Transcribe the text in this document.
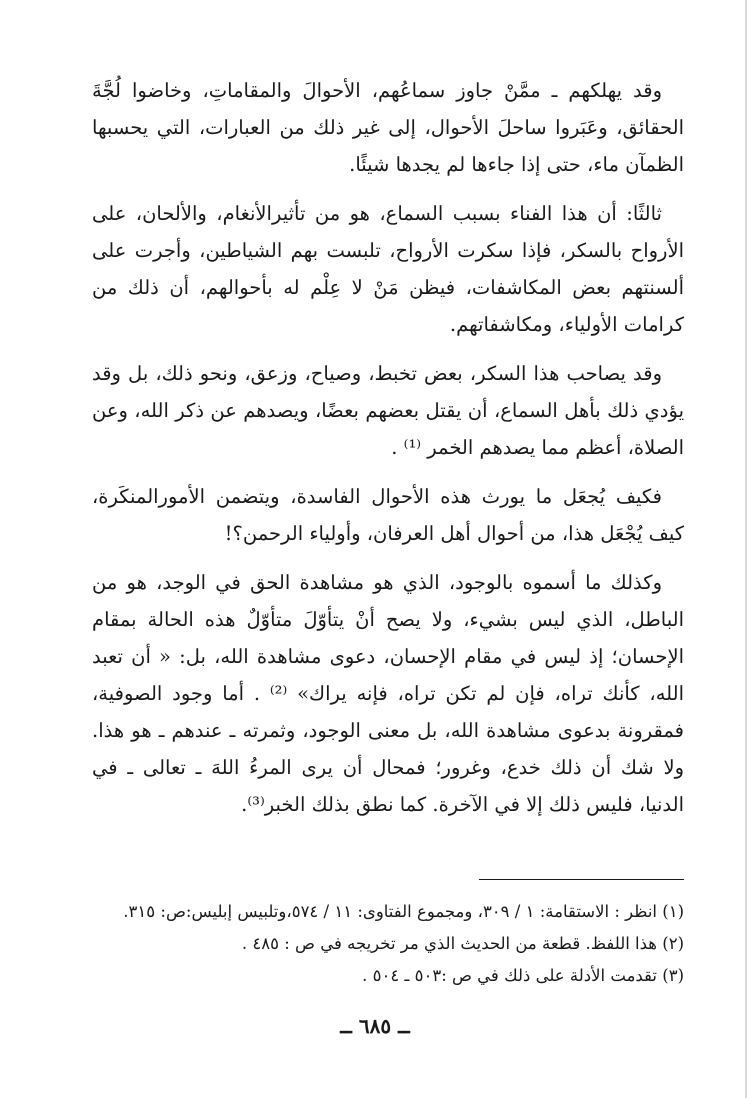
وقد يهلكهم ـ ممَّنْ جاوز سماعُهم، الأحوالَ والمقاماتِ، وخاضوا لُجَّةَ الحقائق، وعَبَروا ساحلَ الأحوال، إلى غير ذلك من العبارات، التي يحسبها الظمآن ماء، حتى إذا جاءها لم يجدها شيئًا.

ثالثًا: أن هذا الفناء بسبب السماع، هو من تأثيرالأنغام، والألحان، على الأرواح بالسكر، فإذا سكرت الأرواح، تلبست بهم الشياطين، وأجرت على ألسنتهم بعض المكاشفات، فيظن مَنْ لا عِلْم له بأحوالهم، أن ذلك من كرامات الأولياء، ومكاشفاتهم.

وقد يصاحب هذا السكر، بعض تخبط، وصياح، وزعق، ونحو ذلك، بل وقد يؤدي ذلك بأهل السماع، أن يقتل بعضهم بعضًا، ويصدهم عن ذكر الله، وعن الصلاة، أعظم مما يصدهم الخمر ⁽¹⁾ .

فكيف يُجعَل ما يورث هذه الأحوال الفاسدة، ويتضمن الأمورالمنكَرة، كيف يُجْعَل هذا، من أحوال أهل العرفان، وأولياء الرحمن؟!

وكذلك ما أسموه بالوجود، الذي هو مشاهدة الحق في الوجد، هو من الباطل، الذي ليس بشيء، ولا يصح أنْ يتأوّلَ متأوّلٌ هذه الحالة بمقام الإحسان؛ إذ ليس في مقام الإحسان، دعوى مشاهدة الله، بل: « أن تعبد الله، كأنك تراه، فإن لم تكن تراه، فإنه يراك» ⁽²⁾ . أما وجود الصوفية، فمقرونة بدعوى مشاهدة الله، بل معنى الوجود، وثمرته ـ عندهم ـ هو هذا. ولا شك أن ذلك خدع، وغرور؛ فمحال أن يرى المرءُ اللهَ ـ تعالى ـ في الدنيا، فليس ذلك إلا في الآخرة. كما نطق بذلك الخبر⁽³⁾.

(١) انظر : الاستقامة: ١ / ٣٠٩، ومجموع الفتاوى: ١١ / ٥٧٤،وتلبيس إبليس:ص: ٣١٥.

(٢) هذا اللفظ. قطعة من الحديث الذي مر تخريجه في ص : ٤٨٥ .

(٣) تقدمت الأدلة على ذلك في ص :٥٠٣ ـ ٥٠٤ .

ــ ٦٨٥ ــ
